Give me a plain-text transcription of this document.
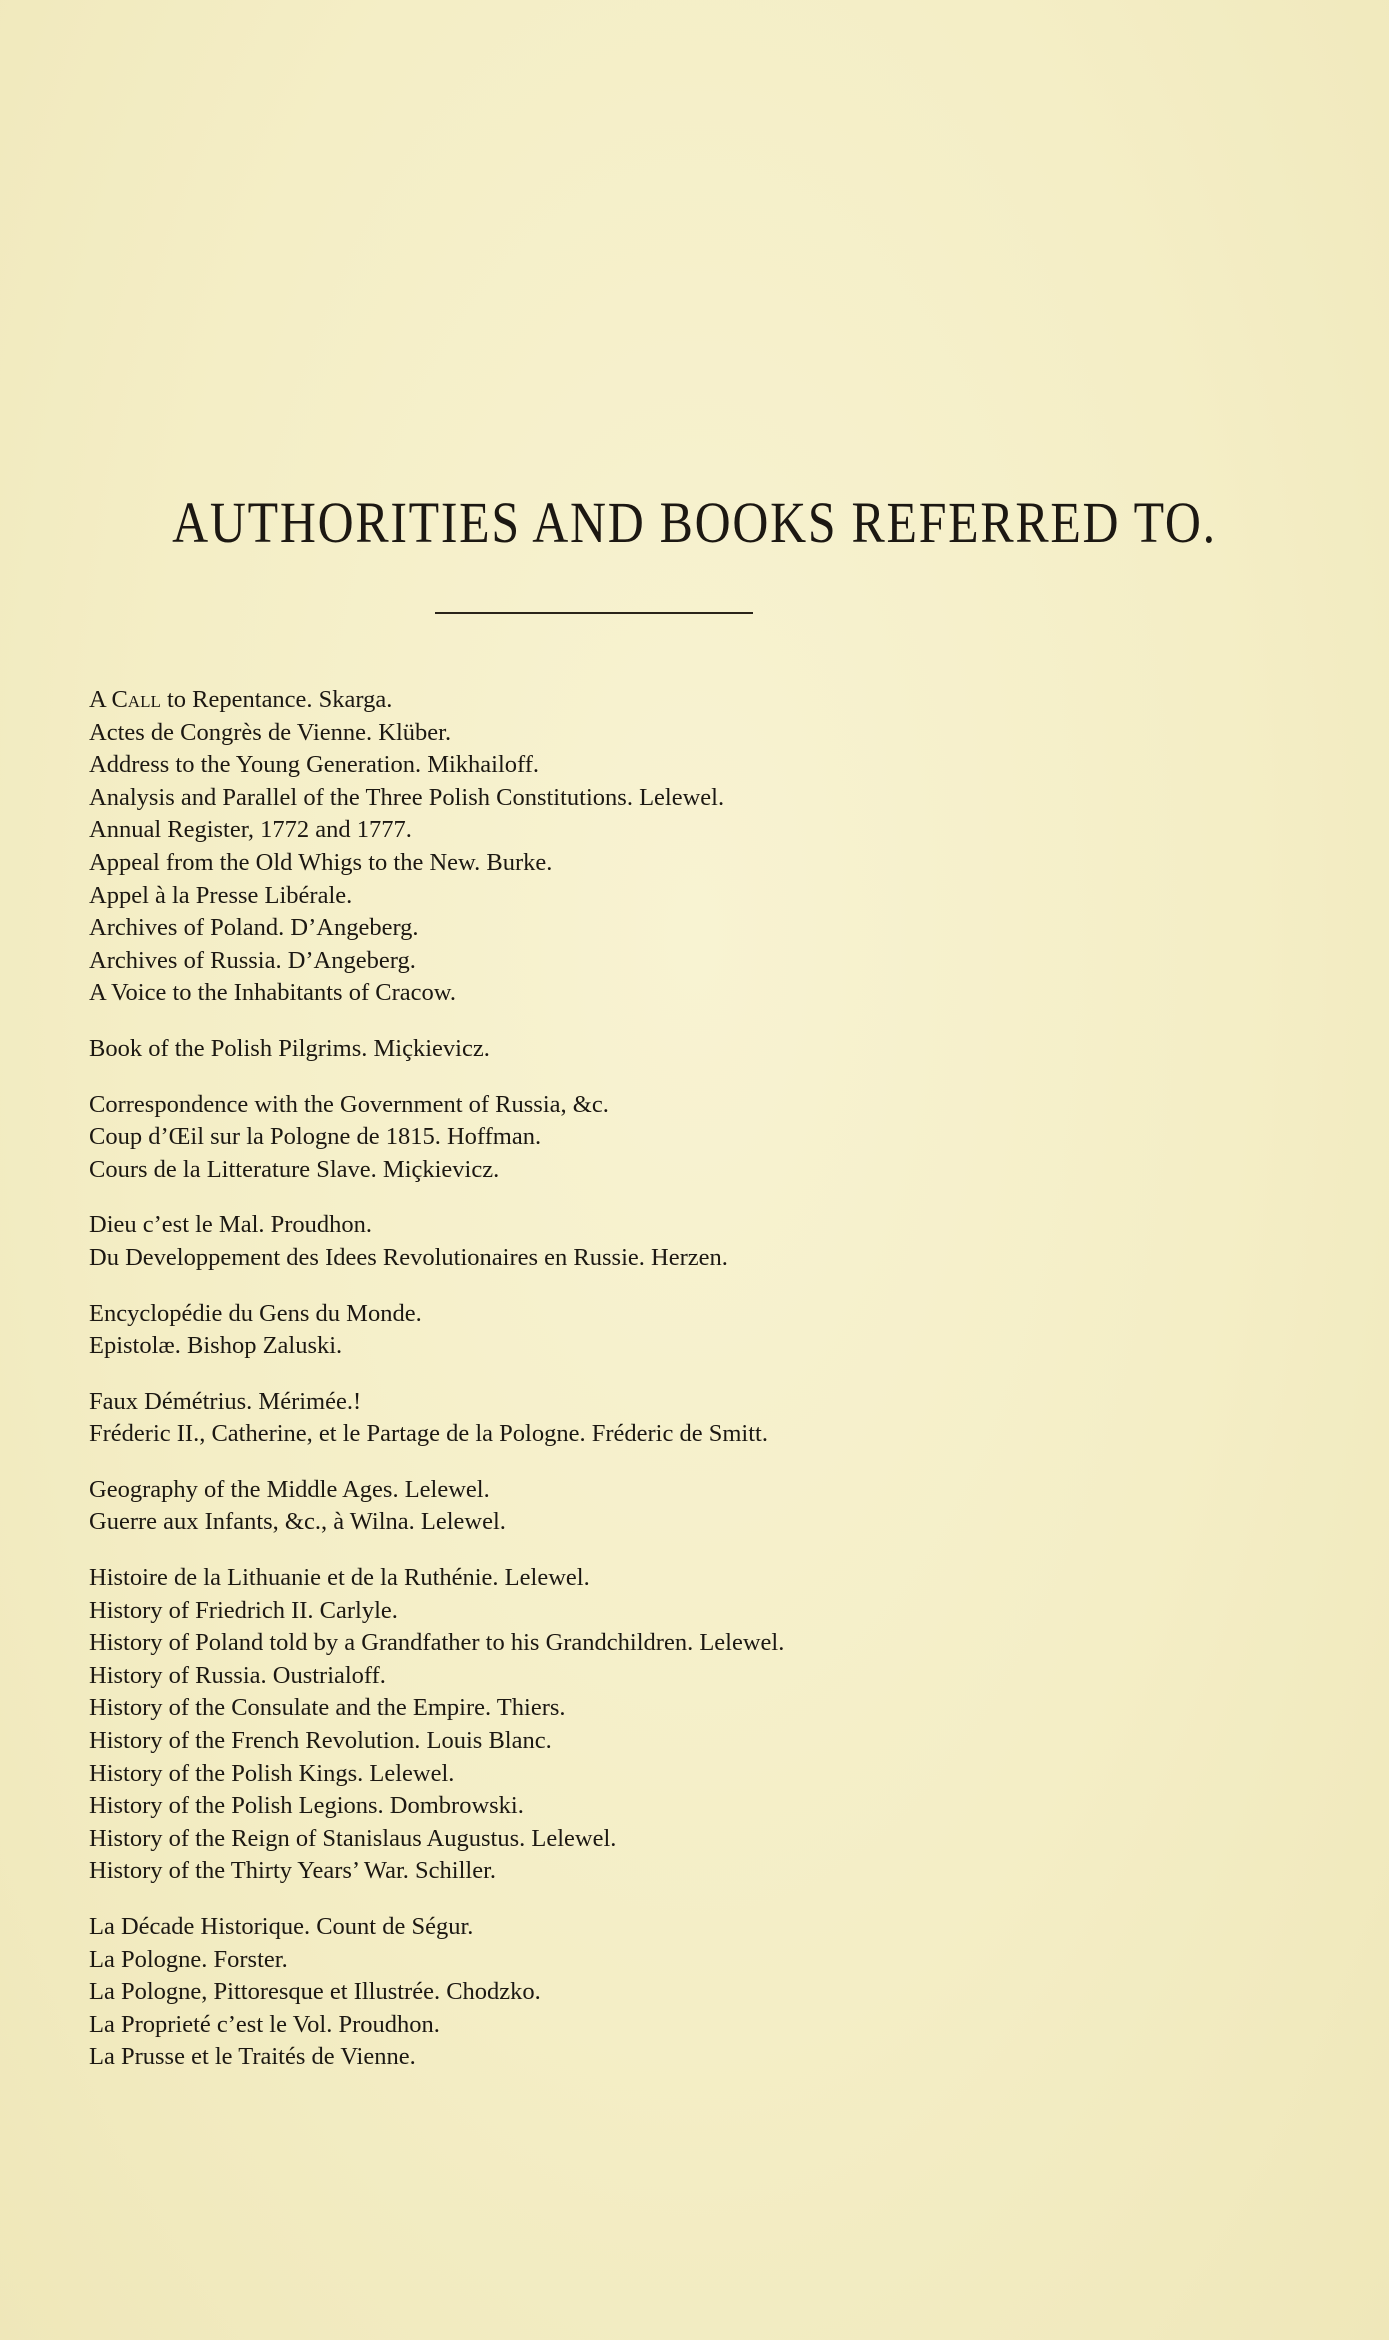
AUTHORITIES AND BOOKS REFERRED TO.

A Call to Repentance. Skarga.

Actes de Congrès de Vienne. Klüber.

Address to the Young Generation. Mikhailoff.

Analysis and Parallel of the Three Polish Constitutions. Lelewel.

Annual Register, 1772 and 1777.

Appeal from the Old Whigs to the New. Burke.

Appel à la Presse Libérale.

Archives of Poland. D’Angeberg.

Archives of Russia. D’Angeberg.

A Voice to the Inhabitants of Cracow.

Book of the Polish Pilgrims. Miçkievicz.

Correspondence with the Government of Russia, &c.

Coup d’Œil sur la Pologne de 1815. Hoffman.

Cours de la Litterature Slave. Miçkievicz.

Dieu c’est le Mal. Proudhon.

Du Developpement des Idees Revolutionaires en Russie. Herzen.

Encyclopédie du Gens du Monde.

Epistolæ. Bishop Zaluski.

Faux Démétrius. Mérimée.!

Fréderic II., Catherine, et le Partage de la Pologne. Fréderic de Smitt.

Geography of the Middle Ages. Lelewel.

Guerre aux Infants, &c., à Wilna. Lelewel.

Histoire de la Lithuanie et de la Ruthénie. Lelewel.

History of Friedrich II. Carlyle.

History of Poland told by a Grandfather to his Grandchildren. Lelewel.

History of Russia. Oustrialoff.

History of the Consulate and the Empire. Thiers.

History of the French Revolution. Louis Blanc.

History of the Polish Kings. Lelewel.

History of the Polish Legions. Dombrowski.

History of the Reign of Stanislaus Augustus. Lelewel.

History of the Thirty Years’ War. Schiller.

La Décade Historique. Count de Ségur.

La Pologne. Forster.

La Pologne, Pittoresque et Illustrée. Chodzko.

La Proprieté c’est le Vol. Proudhon.

La Prusse et le Traités de Vienne.
